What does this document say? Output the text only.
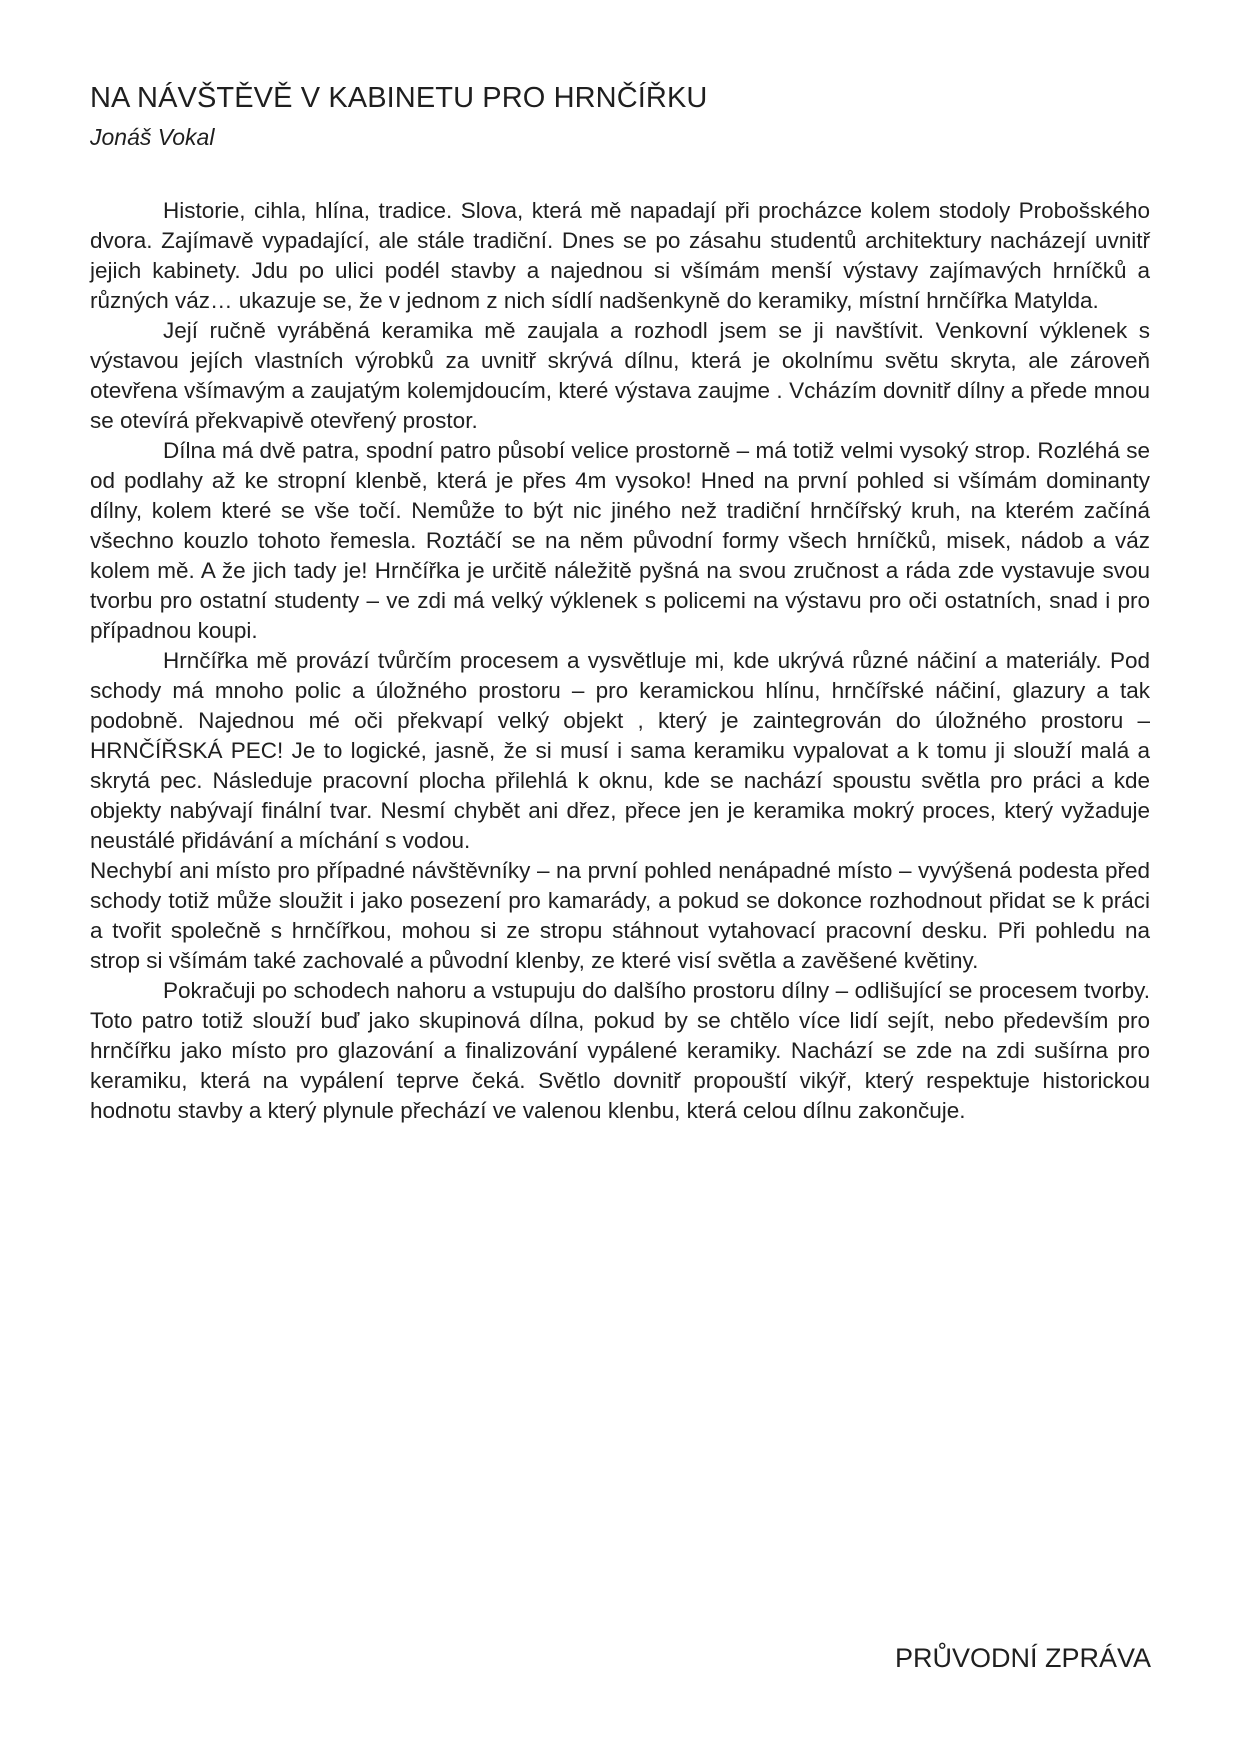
NA NÁVŠTĚVĚ V KABINETU PRO HRNČÍŘKU

Jonáš Vokal

Historie, cihla, hlína, tradice. Slova, která mě napadají při procházce kolem stodoly Probošského dvora. Zajímavě vypadající, ale stále tradiční. Dnes se po zásahu studentů architektury nacházejí uvnitř jejich kabinety. Jdu po ulici podél stavby a najednou si všímám menší výstavy zajímavých hrníčků a různých váz… ukazuje se, že v jednom z nich sídlí nadšenkyně do keramiky, místní hrnčířka Matylda.

Její ručně vyráběná keramika mě zaujala a rozhodl jsem se ji navštívit. Venkovní výklenek s výstavou jejích vlastních výrobků za uvnitř skrývá dílnu, která je okolnímu světu skryta, ale zároveň otevřena všímavým a zaujatým kolemjdoucím, které výstava zaujme . Vcházím dovnitř dílny a přede mnou se otevírá překvapivě otevřený prostor.

Dílna má dvě patra, spodní patro působí velice prostorně – má totiž velmi vysoký strop. Rozléhá se od podlahy až ke stropní klenbě, která je přes 4m vysoko! Hned na první pohled si všímám dominanty dílny, kolem které se vše točí. Nemůže to být nic jiného než tradiční hrnčířský kruh, na kterém začíná všechno kouzlo tohoto řemesla. Roztáčí se na něm původní formy všech hrníčků, misek, nádob a váz kolem mě. A že jich tady je! Hrnčířka je určitě náležitě pyšná na svou zručnost a ráda zde vystavuje svou tvorbu pro ostatní studenty – ve zdi má velký výklenek s policemi na výstavu pro oči ostatních, snad i pro případnou koupi.

Hrnčířka mě provází tvůrčím procesem a vysvětluje mi, kde ukrývá různé náčiní a materiály. Pod schody má mnoho polic a úložného prostoru – pro keramickou hlínu, hrnčířské náčiní, glazury a tak podobně. Najednou mé oči překvapí velký objekt , který je zaintegrován do úložného prostoru – HRNČÍŘSKÁ PEC! Je to logické, jasně, že si musí i sama keramiku vypalovat a k tomu ji slouží malá a skrytá pec. Následuje pracovní plocha přilehlá k oknu, kde se nachází spoustu světla pro práci a kde objekty nabývají finální tvar. Nesmí chybět ani dřez, přece jen je keramika mokrý proces, který vyžaduje neustálé přidávání a míchání s vodou.

Nechybí ani místo pro případné návštěvníky – na první pohled nenápadné místo – vyvýšená podesta před schody totiž může sloužit i jako posezení pro kamarády, a pokud se dokonce rozhodnout přidat se k práci a tvořit společně s hrnčířkou, mohou si ze stropu stáhnout vytahovací pracovní desku. Při pohledu na strop si všímám také zachovalé a původní klenby, ze které visí světla a zavěšené květiny.

Pokračuji po schodech nahoru a vstupuju do dalšího prostoru dílny – odlišující se procesem tvorby. Toto patro totiž slouží buď jako skupinová dílna, pokud by se chtělo více lidí sejít, nebo především pro hrnčířku jako místo pro glazování a finalizování vypálené keramiky. Nachází se zde na zdi sušírna pro keramiku, která na vypálení teprve čeká. Světlo dovnitř propouští vikýř, který respektuje historickou hodnotu stavby a který plynule přechází ve valenou klenbu, která celou dílnu zakončuje.

PRŮVODNÍ ZPRÁVA
